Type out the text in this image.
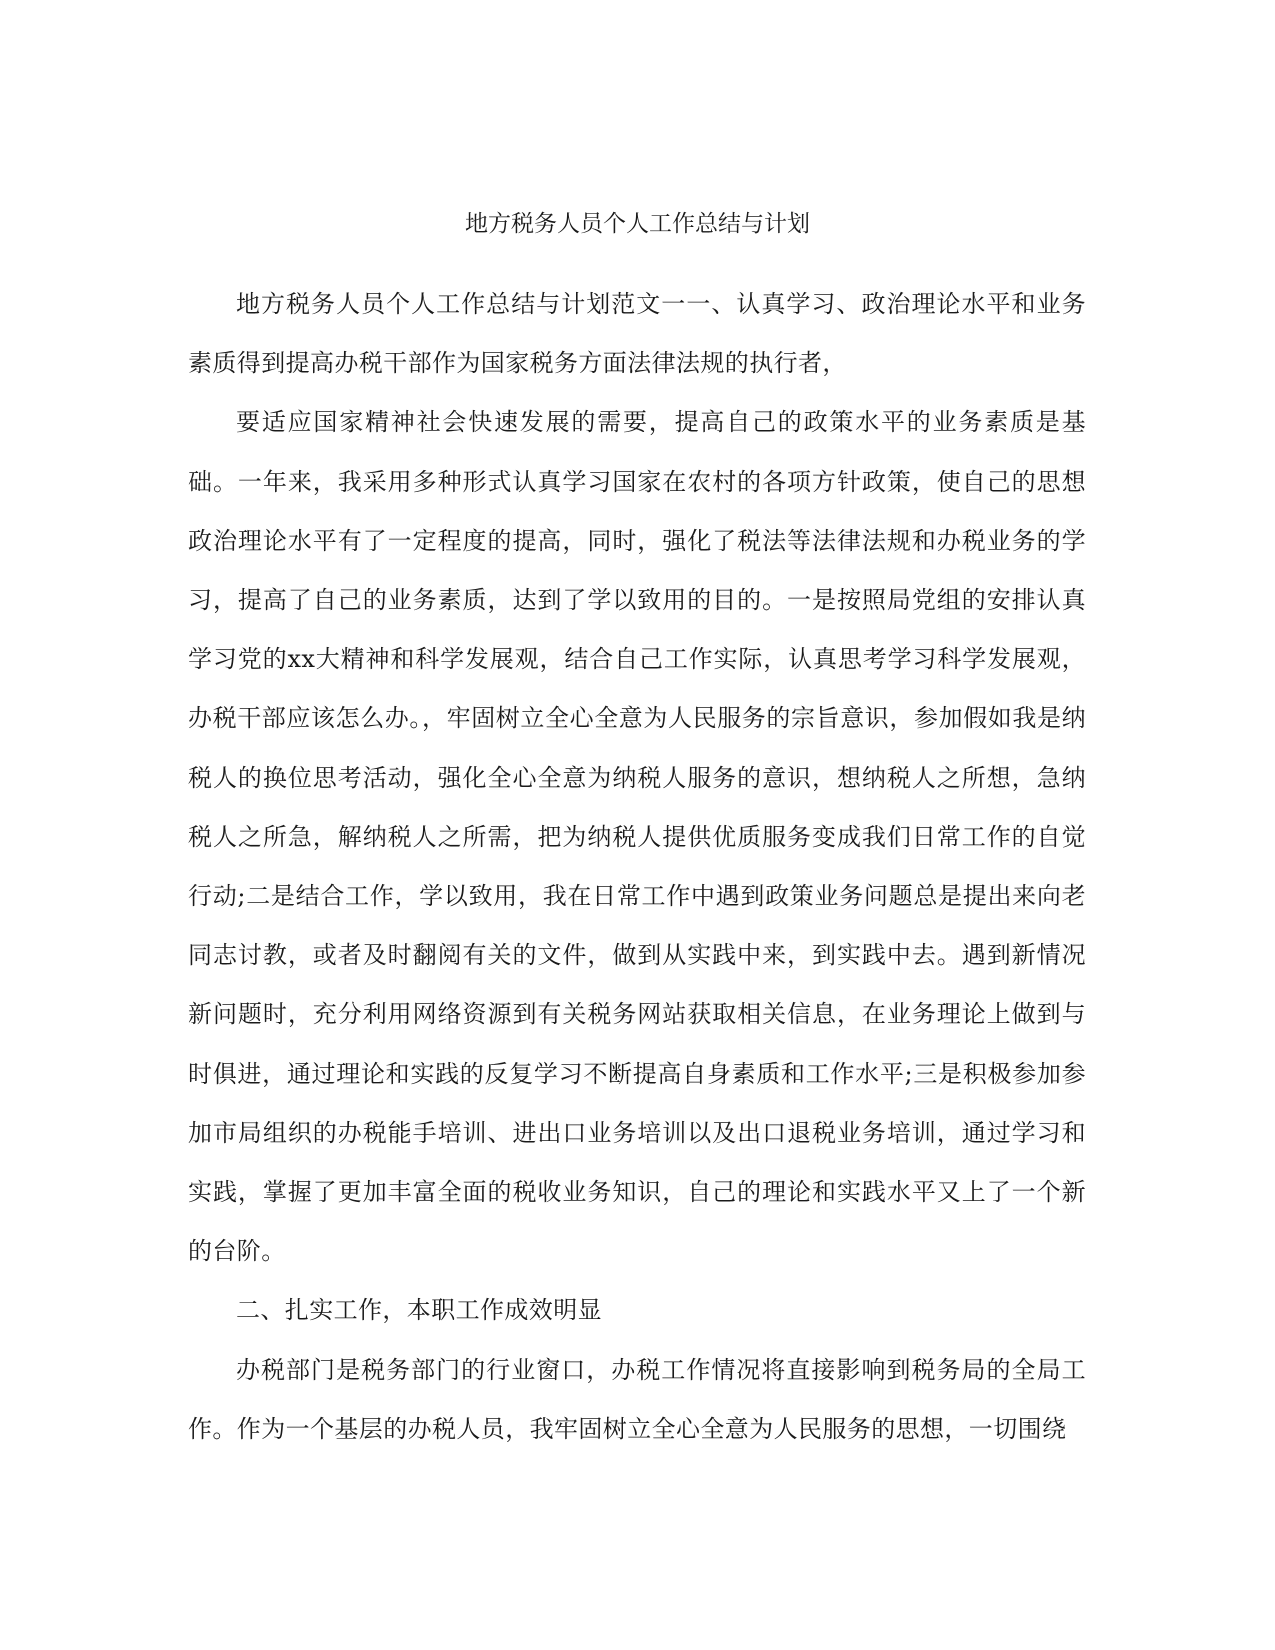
地方税务人员个人工作总结与计划

地方税务人员个人工作总结与计划范文一一、认真学习、政治理论水平和业务素质得到提高办税干部作为国家税务方面法律法规的执行者，

要适应国家精神社会快速发展的需要，提高自己的政策水平的业务素质是基础。一年来，我采用多种形式认真学习国家在农村的各项方针政策，使自己的思想政治理论水平有了一定程度的提高，同时，强化了税法等法律法规和办税业务的学习，提高了自己的业务素质，达到了学以致用的目的。一是按照局党组的安排认真学习党的xx大精神和科学发展观，结合自己工作实际，认真思考学习科学发展观，办税干部应该怎么办。，牢固树立全心全意为人民服务的宗旨意识，参加假如我是纳税人的换位思考活动，强化全心全意为纳税人服务的意识，想纳税人之所想，急纳税人之所急，解纳税人之所需，把为纳税人提供优质服务变成我们日常工作的自觉行动;二是结合工作，学以致用，我在日常工作中遇到政策业务问题总是提出来向老同志讨教，或者及时翻阅有关的文件，做到从实践中来，到实践中去。遇到新情况新问题时，充分利用网络资源到有关税务网站获取相关信息，在业务理论上做到与时俱进，通过理论和实践的反复学习不断提高自身素质和工作水平;三是积极参加参加市局组织的办税能手培训、进出口业务培训以及出口退税业务培训，通过学习和实践，掌握了更加丰富全面的税收业务知识，自己的理论和实践水平又上了一个新的台阶。

二、扎实工作，本职工作成效明显

办税部门是税务部门的行业窗口，办税工作情况将直接影响到税务局的全局工作。作为一个基层的办税人员，我牢固树立全心全意为人民服务的思想，一切围绕
